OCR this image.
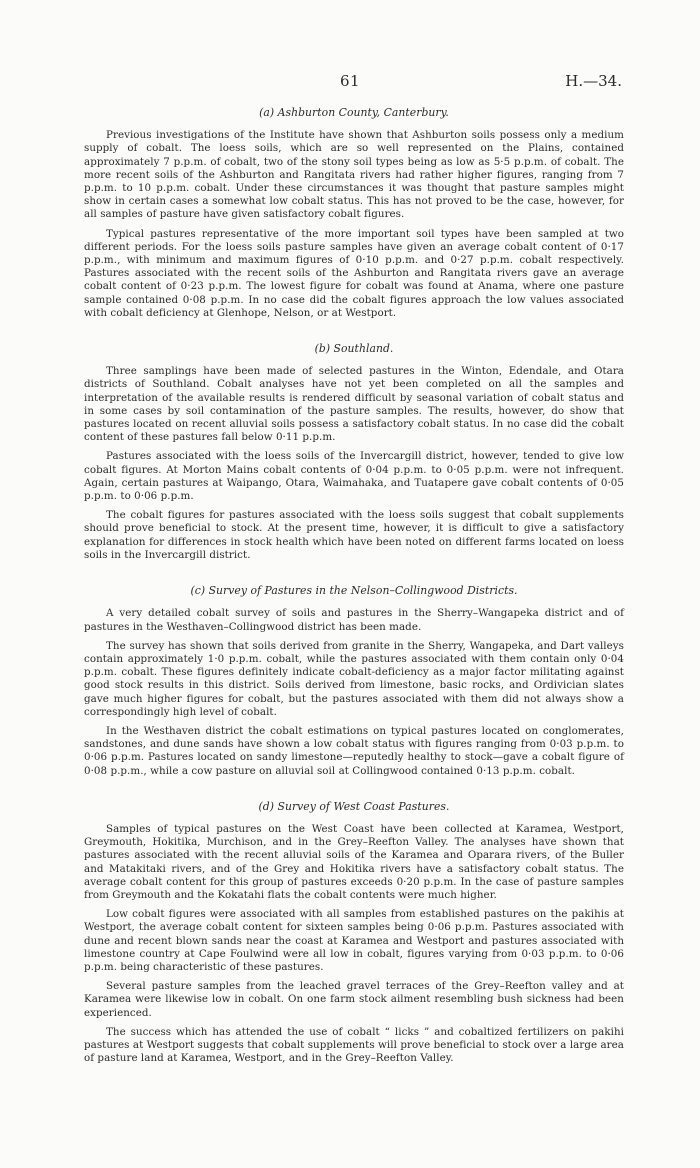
61	H.—34.
(a) Ashburton County, Canterbury.

Previous investigations of the Institute have shown that Ashburton soils possess only a medium supply of cobalt. The loess soils, which are so well represented on the Plains, contained approximately 7 p.p.m. of cobalt, two of the stony soil types being as low as 5·5 p.p.m. of cobalt. The more recent soils of the Ashburton and Rangitata rivers had rather higher figures, ranging from 7 p.p.m. to 10 p.p.m. cobalt. Under these circumstances it was thought that pasture samples might show in certain cases a somewhat low cobalt status. This has not proved to be the case, however, for all samples of pasture have given satisfactory cobalt figures.

Typical pastures representative of the more important soil types have been sampled at two different periods. For the loess soils pasture samples have given an average cobalt content of 0·17 p.p.m., with minimum and maximum figures of 0·10 p.p.m. and 0·27 p.p.m. cobalt respectively. Pastures associated with the recent soils of the Ashburton and Rangitata rivers gave an average cobalt content of 0·23 p.p.m. The lowest figure for cobalt was found at Anama, where one pasture sample contained 0·08 p.p.m. In no case did the cobalt figures approach the low values associated with cobalt deficiency at Glenhope, Nelson, or at Westport.

(b) Southland.

Three samplings have been made of selected pastures in the Winton, Edendale, and Otara districts of Southland. Cobalt analyses have not yet been completed on all the samples and interpretation of the available results is rendered difficult by seasonal variation of cobalt status and in some cases by soil contamination of the pasture samples. The results, however, do show that pastures located on recent alluvial soils possess a satisfactory cobalt status. In no case did the cobalt content of these pastures fall below 0·11 p.p.m.

Pastures associated with the loess soils of the Invercargill district, however, tended to give low cobalt figures. At Morton Mains cobalt contents of 0·04 p.p.m. to 0·05 p.p.m. were not infrequent. Again, certain pastures at Waipango, Otara, Waimahaka, and Tuatapere gave cobalt contents of 0·05 p.p.m. to 0·06 p.p.m.

The cobalt figures for pastures associated with the loess soils suggest that cobalt supplements should prove beneficial to stock. At the present time, however, it is difficult to give a satisfactory explanation for differences in stock health which have been noted on different farms located on loess soils in the Invercargill district.

(c) Survey of Pastures in the Nelson–Collingwood Districts.

A very detailed cobalt survey of soils and pastures in the Sherry–Wangapeka district and of pastures in the Westhaven–Collingwood district has been made.

The survey has shown that soils derived from granite in the Sherry, Wangapeka, and Dart valleys contain approximately 1·0 p.p.m. cobalt, while the pastures associated with them contain only 0·04 p.p.m. cobalt. These figures definitely indicate cobalt-deficiency as a major factor militating against good stock results in this district. Soils derived from limestone, basic rocks, and Ordivician slates gave much higher figures for cobalt, but the pastures associated with them did not always show a correspondingly high level of cobalt.

In the Westhaven district the cobalt estimations on typical pastures located on conglomerates, sandstones, and dune sands have shown a low cobalt status with figures ranging from 0·03 p.p.m. to 0·06 p.p.m. Pastures located on sandy limestone—reputedly healthy to stock—gave a cobalt figure of 0·08 p.p.m., while a cow pasture on alluvial soil at Collingwood contained 0·13 p.p.m. cobalt.

(d) Survey of West Coast Pastures.

Samples of typical pastures on the West Coast have been collected at Karamea, Westport, Greymouth, Hokitika, Murchison, and in the Grey–Reefton Valley. The analyses have shown that pastures associated with the recent alluvial soils of the Karamea and Oparara rivers, of the Buller and Matakitaki rivers, and of the Grey and Hokitika rivers have a satisfactory cobalt status. The average cobalt content for this group of pastures exceeds 0·20 p.p.m. In the case of pasture samples from Greymouth and the Kokatahi flats the cobalt contents were much higher.

Low cobalt figures were associated with all samples from established pastures on the pakihis at Westport, the average cobalt content for sixteen samples being 0·06 p.p.m. Pastures associated with dune and recent blown sands near the coast at Karamea and Westport and pastures associated with limestone country at Cape Foulwind were all low in cobalt, figures varying from 0·03 p.p.m. to 0·06 p.p.m. being characteristic of these pastures.

Several pasture samples from the leached gravel terraces of the Grey–Reefton valley and at Karamea were likewise low in cobalt. On one farm stock ailment resembling bush sickness had been experienced.

The success which has attended the use of cobalt “ licks ” and cobaltized fertilizers on pakihi pastures at Westport suggests that cobalt supplements will prove beneficial to stock over a large area of pasture land at Karamea, Westport, and in the Grey–Reefton Valley.
